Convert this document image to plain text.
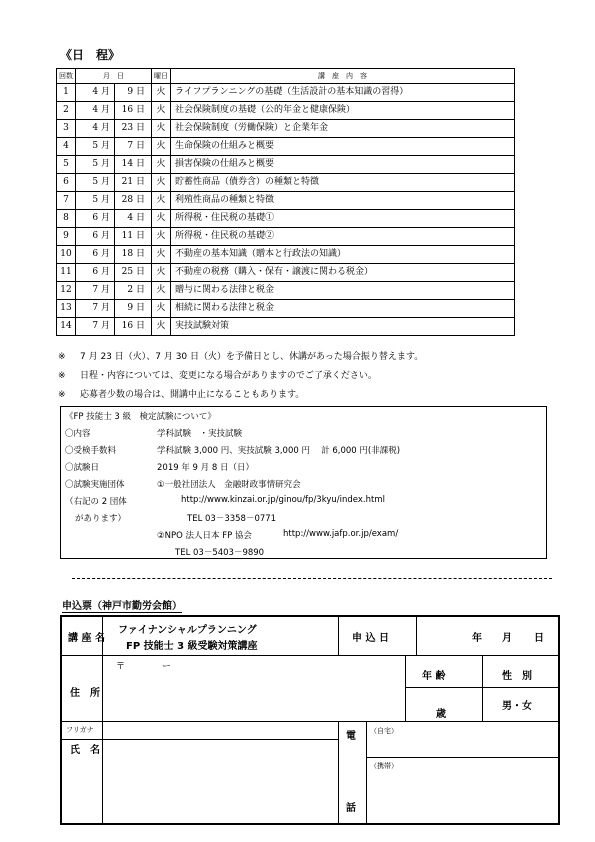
《日　程》
回数	月　日		曜日	講　座　内　容
1	4 月	9 日	火	ライフプランニングの基礎（生活設計の基本知識の習得）
2	4 月	16 日	火	社会保険制度の基礎（公的年金と健康保険）
3	4 月	23 日	火	社会保険制度（労働保険）と企業年金
4	5 月	7 日	火	生命保険の仕組みと概要
5	5 月	14 日	火	損害保険の仕組みと概要
6	5 月	21 日	火	貯蓄性商品（債券含）の種類と特徴
7	5 月	28 日	火	利殖性商品の種類と特徴
8	6 月	4 日	火	所得税・住民税の基礎①
9	6 月	11 日	火	所得税・住民税の基礎②
10	6 月	18 日	火	不動産の基本知識（贈本と行政法の知識）
11	6 月	25 日	火	不動産の税務（購入・保有・譲渡に関わる税金）
12	7 月	2 日	火	贈与に関わる法律と税金
13	7 月	9 日	火	相続に関わる法律と税金
14	7 月	16 日	火	実技試験対策
※ 7 月 23 日（火）、7 月 30 日（火）を予備日とし、休講があった場合振り替えます。
※ 日程・内容については、変更になる場合がありますのでご了承ください。
※ 応募者少数の場合は、開講中止になることもあります。
《FP 技能士 3 級　検定試験について》
〇内容	学科試験　・実技試験
〇受検手数料	学科試験 3,000 円、実技試験 3,000 円　 計 6,000 円(非課税)
〇試験日	2019 年 9 月 8 日（日）
〇試験実施団体	①一般社団法人　金融財政事情研究会
（右記の 2 団体	http://www.kinzai.or.jp/ginou/fp/3kyu/index.html
があります）	TEL 03－3358－0771
②NPO 法人日本 FP 協会	http://www.jafp.or.jp/exam/
TEL 03－5403－9890
申込票（神戸市勤労会館）
講 座 名
ファイナンシャルプランニング
FP 技能士 3 級受験対策講座
申 込 日	年 月 日
〒	ー
住　所
年 齢	性　別
歳
男・女
フリガナ
氏　名
電
話
（自宅）
（携帯）
